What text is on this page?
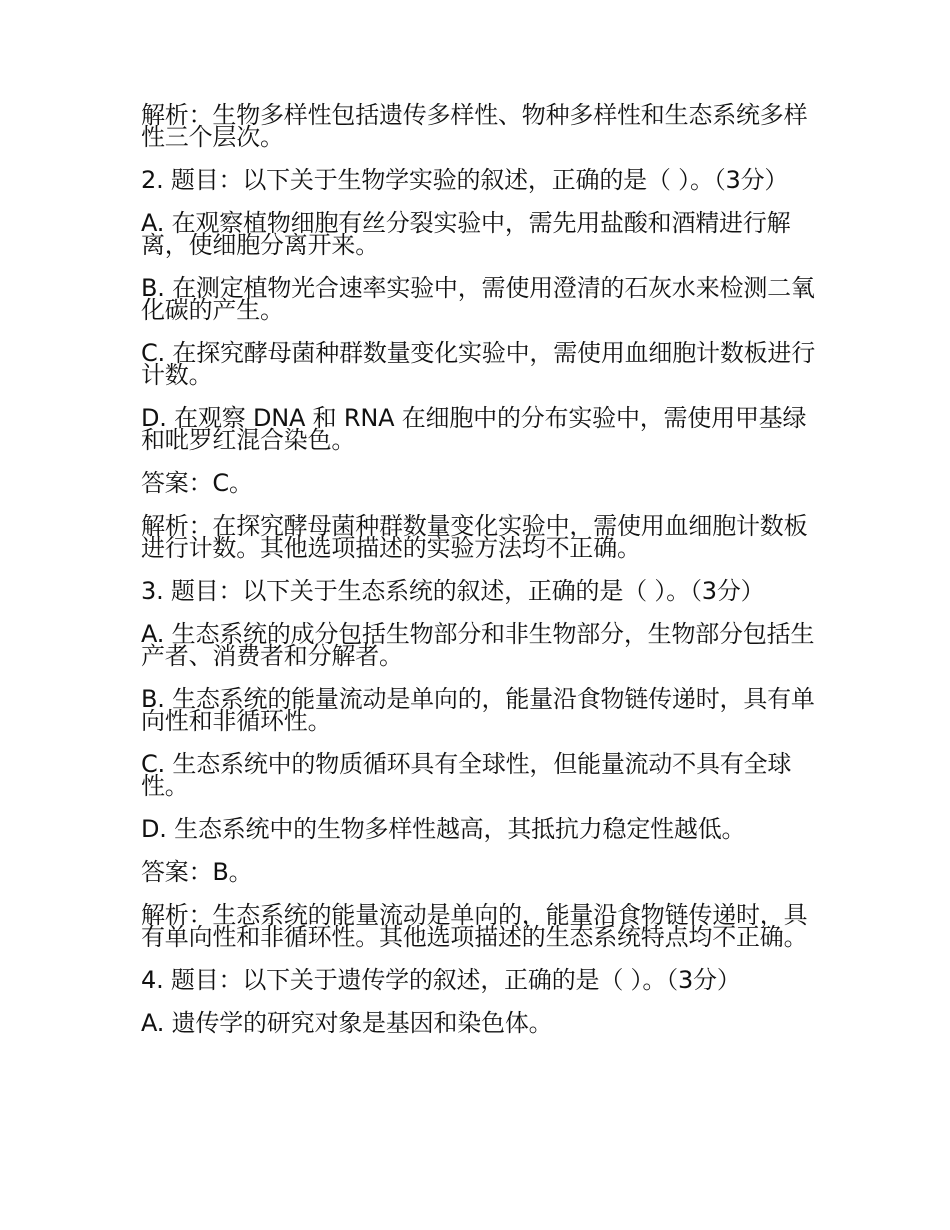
解析：生物多样性包括遗传多样性、物种多样性和生态系统多样性三个层次。

2. 题目：以下关于生物学实验的叙述，正确的是（ ）。（3分）

A. 在观察植物细胞有丝分裂实验中，需先用盐酸和酒精进行解离，使细胞分离开来。

B. 在测定植物光合速率实验中，需使用澄清的石灰水来检测二氧化碳的产生。

C. 在探究酵母菌种群数量变化实验中，需使用血细胞计数板进行计数。

D. 在观察 DNA 和 RNA 在细胞中的分布实验中，需使用甲基绿和吡罗红混合染色。

答案：C。

解析：在探究酵母菌种群数量变化实验中，需使用血细胞计数板进行计数。其他选项描述的实验方法均不正确。

3. 题目：以下关于生态系统的叙述，正确的是（ ）。（3分）

A. 生态系统的成分包括生物部分和非生物部分，生物部分包括生产者、消费者和分解者。

B. 生态系统的能量流动是单向的，能量沿食物链传递时，具有单向性和非循环性。

C. 生态系统中的物质循环具有全球性，但能量流动不具有全球性。

D. 生态系统中的生物多样性越高，其抵抗力稳定性越低。

答案：B。

解析：生态系统的能量流动是单向的，能量沿食物链传递时，具有单向性和非循环性。其他选项描述的生态系统特点均不正确。

4. 题目：以下关于遗传学的叙述，正确的是（ ）。（3分）

A. 遗传学的研究对象是基因和染色体。
